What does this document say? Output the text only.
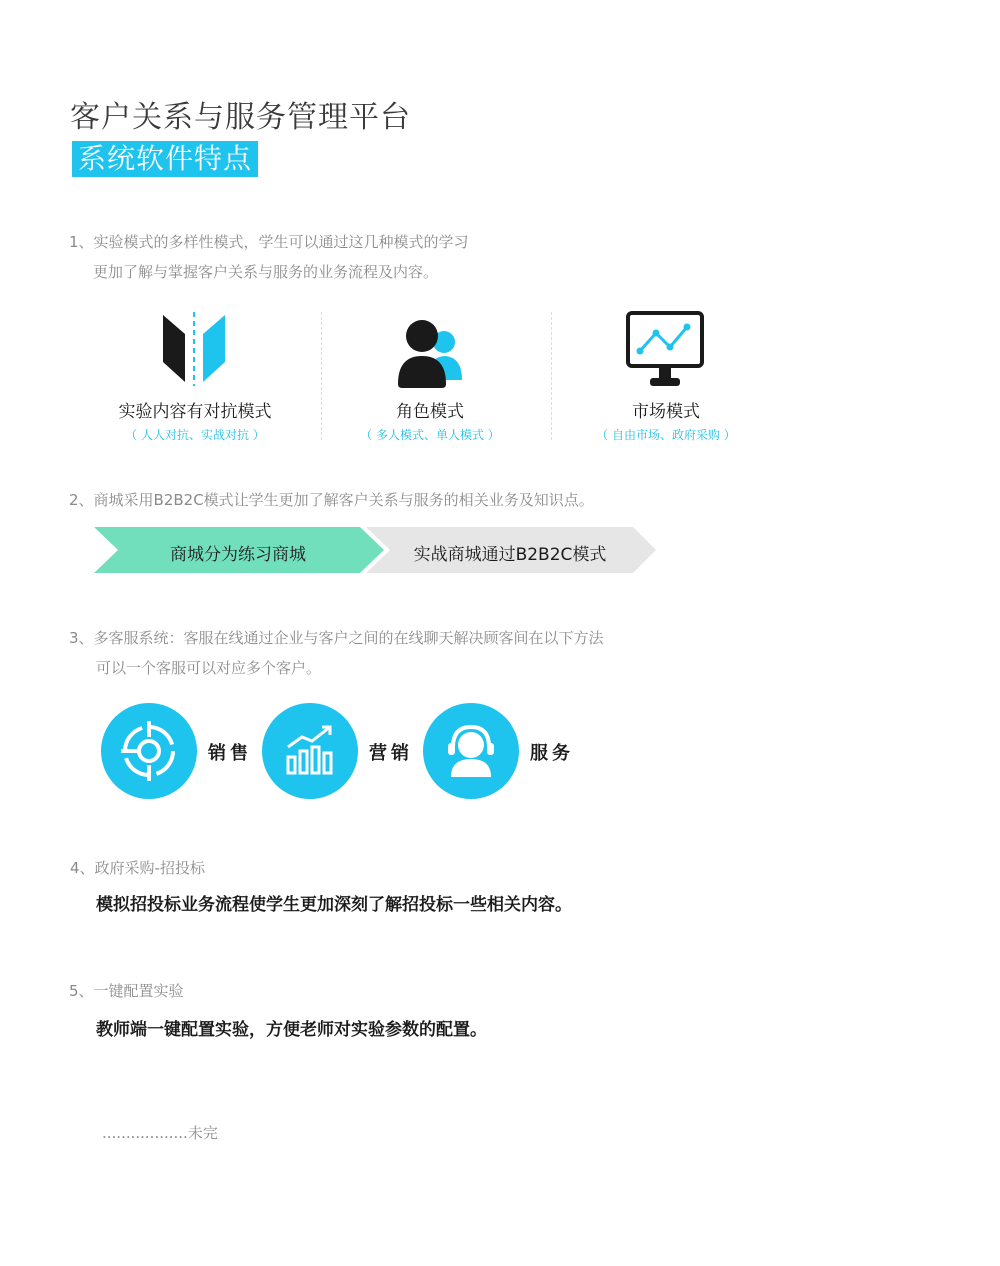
客户关系与服务管理平台
系统软件特点
1、实验模式的多样性模式，学生可以通过这几种模式的学习
更加了解与掌握客户关系与服务的业务流程及内容。
实验内容有对抗模式
（ 人人对抗、实战对抗 ）
角色模式
（ 多人模式、单人模式 ）
市场模式
（ 自由市场、政府采购 ）
2、商城采用B2B2C模式让学生更加了解客户关系与服务的相关业务及知识点。
商城分为练习商城	实战商城通过B2B2C模式
3、多客服系统：客服在线通过企业与客户之间的在线聊天解决顾客间在以下方法
可以一个客服可以对应多个客户。
销售	营销	服务
4、政府采购-招投标
模拟招投标业务流程使学生更加深刻了解招投标一些相关内容。
5、一键配置实验
教师端一键配置实验，方便老师对实验参数的配置。
..................未完
